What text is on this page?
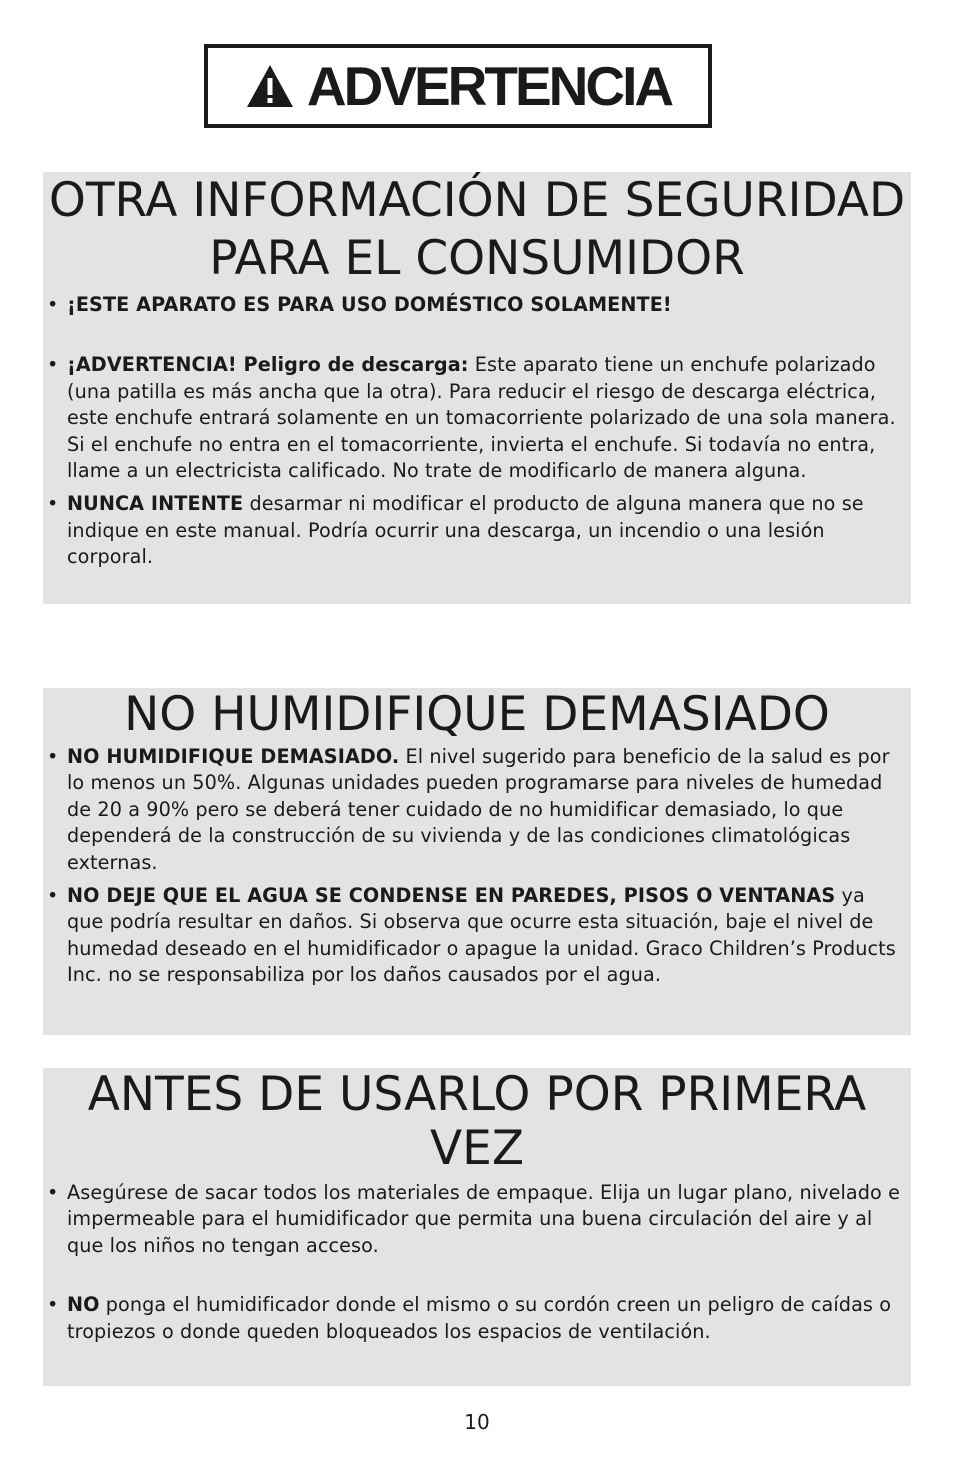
ADVERTENCIA
OTRA INFORMACIÓN DE SEGURIDAD
PARA EL CONSUMIDOR
• ¡ESTE APARATO ES PARA USO DOMÉSTICO SOLAMENTE!
• ¡ADVERTENCIA! Peligro de descarga: Este aparato tiene un enchufe polarizado (una patilla es más ancha que la otra). Para reducir el riesgo de descarga eléctrica, este enchufe entrará solamente en un tomacorriente polarizado de una sola manera. Si el enchufe no entra en el tomacorriente, invierta el enchufe. Si todavía no entra, llame a un electricista calificado. No trate de modificarlo de manera alguna.
• NUNCA INTENTE desarmar ni modificar el producto de alguna manera que no se indique en este manual. Podría ocurrir una descarga, un incendio o una lesión corporal.
NO HUMIDIFIQUE DEMASIADO
• NO HUMIDIFIQUE DEMASIADO. El nivel sugerido para beneficio de la salud es por lo menos un 50%. Algunas unidades pueden programarse para niveles de humedad de 20 a 90% pero se deberá tener cuidado de no humidificar demasiado, lo que dependerá de la construcción de su vivienda y de las condiciones climatológicas externas.
• NO DEJE QUE EL AGUA SE CONDENSE EN PAREDES, PISOS O VENTANAS ya que podría resultar en daños. Si observa que ocurre esta situación, baje el nivel de humedad deseado en el humidificador o apague la unidad. Graco Children’s Products Inc. no se responsabiliza por los daños causados por el agua.
ANTES DE USARLO POR PRIMERA VEZ
• Asegúrese de sacar todos los materiales de empaque. Elija un lugar plano, nivelado e impermeable para el humidificador que permita una buena circulación del aire y al que los niños no tengan acceso.
• NO ponga el humidificador donde el mismo o su cordón creen un peligro de caídas o tropiezos o donde queden bloqueados los espacios de ventilación.
10
